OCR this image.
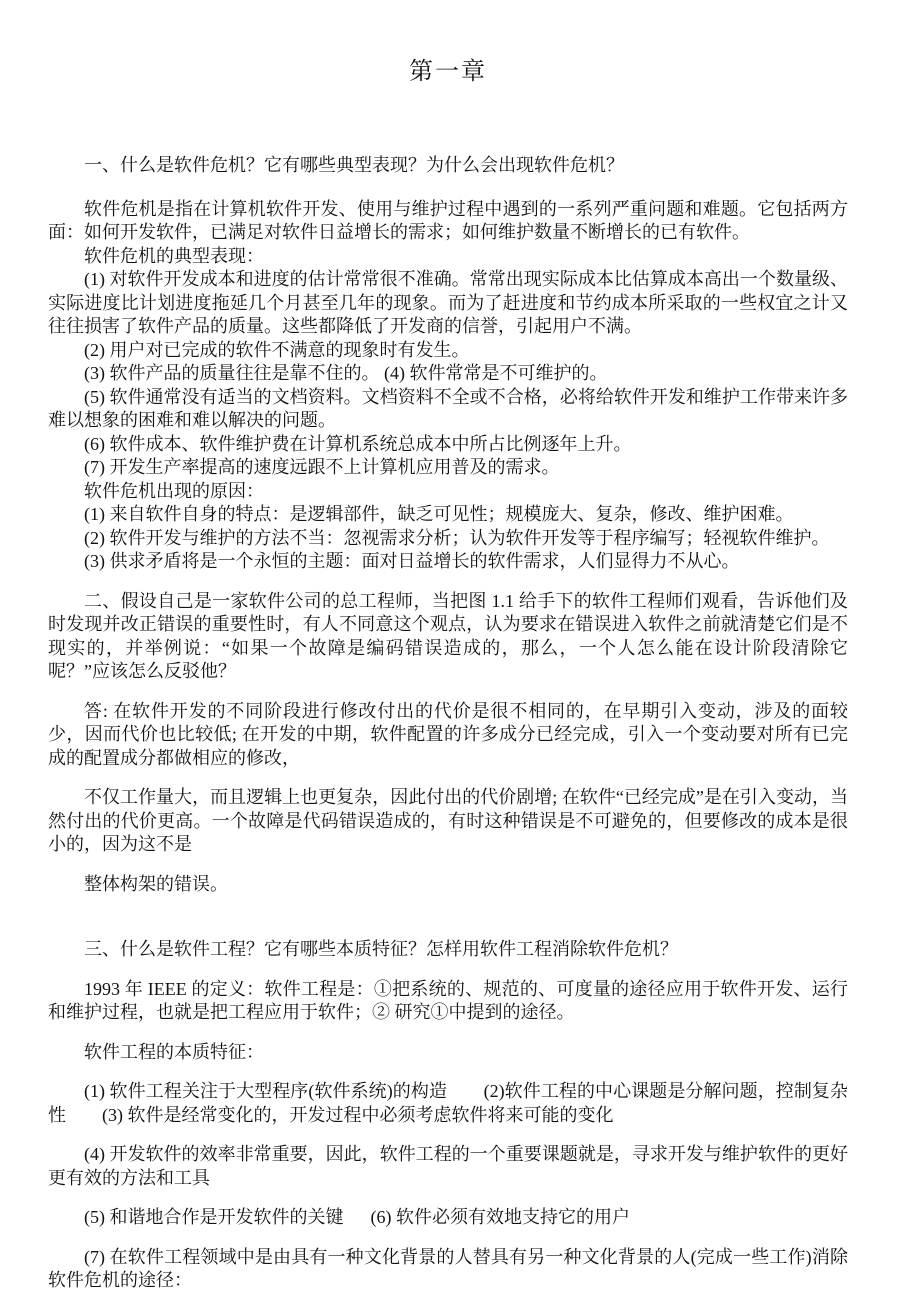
第一章

一、什么是软件危机？它有哪些典型表现？为什么会出现软件危机？

软件危机是指在计算机软件开发、使用与维护过程中遇到的一系列严重问题和难题。它包括两方面：如何开发软件，已满足对软件日益增长的需求；如何维护数量不断增长的已有软件。

软件危机的典型表现：

(1) 对软件开发成本和进度的估计常常很不准确。常常出现实际成本比估算成本高出一个数量级、实际进度比计划进度拖延几个月甚至几年的现象。而为了赶进度和节约成本所采取的一些权宜之计又往往损害了软件产品的质量。这些都降低了开发商的信誉，引起用户不满。

(2) 用户对已完成的软件不满意的现象时有发生。

(3) 软件产品的质量往往是靠不住的。 (4) 软件常常是不可维护的。

(5) 软件通常没有适当的文档资料。文档资料不全或不合格，必将给软件开发和维护工作带来许多难以想象的困难和难以解决的问题。

(6) 软件成本、软件维护费在计算机系统总成本中所占比例逐年上升。

(7) 开发生产率提高的速度远跟不上计算机应用普及的需求。

软件危机出现的原因：

(1) 来自软件自身的特点：是逻辑部件，缺乏可见性；规模庞大、复杂，修改、维护困难。

(2) 软件开发与维护的方法不当：忽视需求分析；认为软件开发等于程序编写；轻视软件维护。

(3) 供求矛盾将是一个永恒的主题：面对日益增长的软件需求，人们显得力不从心。

二、假设自己是一家软件公司的总工程师，当把图 1.1 给手下的软件工程师们观看，告诉他们及时发现并改正错误的重要性时，有人不同意这个观点，认为要求在错误进入软件之前就清楚它们是不现实的，并举例说：“如果一个故障是编码错误造成的，那么，一个人怎么能在设计阶段清除它呢？”应该怎么反驳他？

答: 在软件开发的不同阶段进行修改付出的代价是很不相同的，在早期引入变动，涉及的面较少，因而代价也比较低; 在开发的中期，软件配置的许多成分已经完成，引入一个变动要对所有已完成的配置成分都做相应的修改，

不仅工作量大，而且逻辑上也更复杂，因此付出的代价剧增; 在软件“已经完成”是在引入变动，当然付出的代价更高。一个故障是代码错误造成的，有时这种错误是不可避免的，但要修改的成本是很小的，因为这不是

整体构架的错误。

三、什么是软件工程？它有哪些本质特征？怎样用软件工程消除软件危机？

1993 年 IEEE 的定义：软件工程是：①把系统的、规范的、可度量的途径应用于软件开发、运行和维护过程，也就是把工程应用于软件；② 研究①中提到的途径。

软件工程的本质特征：

(1) 软件工程关注于大型程序(软件系统)的构造        (2)软件工程的中心课题是分解问题，控制复杂性        (3) 软件是经常变化的，开发过程中必须考虑软件将来可能的变化

(4) 开发软件的效率非常重要，因此，软件工程的一个重要课题就是，寻求开发与维护软件的更好更有效的方法和工具

(5) 和谐地合作是开发软件的关键      (6) 软件必须有效地支持它的用户

(7) 在软件工程领域中是由具有一种文化背景的人替具有另一种文化背景的人(完成一些工作)消除软件危机的途径：
